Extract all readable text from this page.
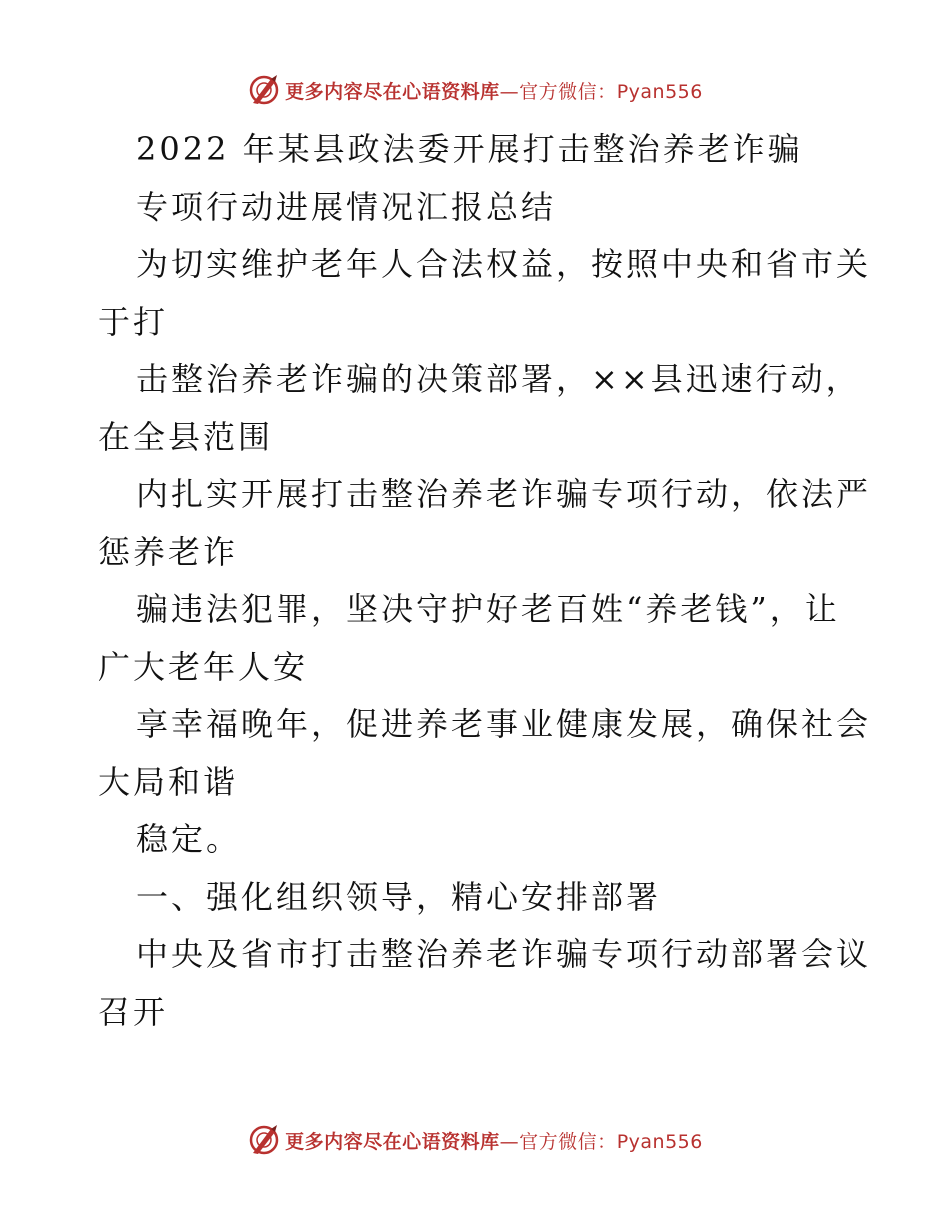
更多内容尽在心语资料库—官方微信：Pyan556
2022 年某县政法委开展打击整治养老诈骗
专项行动进展情况汇报总结
为切实维护老年人合法权益，按照中央和省市关
于打
击整治养老诈骗的决策部署，××县迅速行动，
在全县范围
内扎实开展打击整治养老诈骗专项行动，依法严
惩养老诈
骗违法犯罪，坚决守护好老百姓“养老钱”，让
广大老年人安
享幸福晚年，促进养老事业健康发展，确保社会
大局和谐
稳定。
一、强化组织领导，精心安排部署
中央及省市打击整治养老诈骗专项行动部署会议
召开
更多内容尽在心语资料库—官方微信：Pyan556
